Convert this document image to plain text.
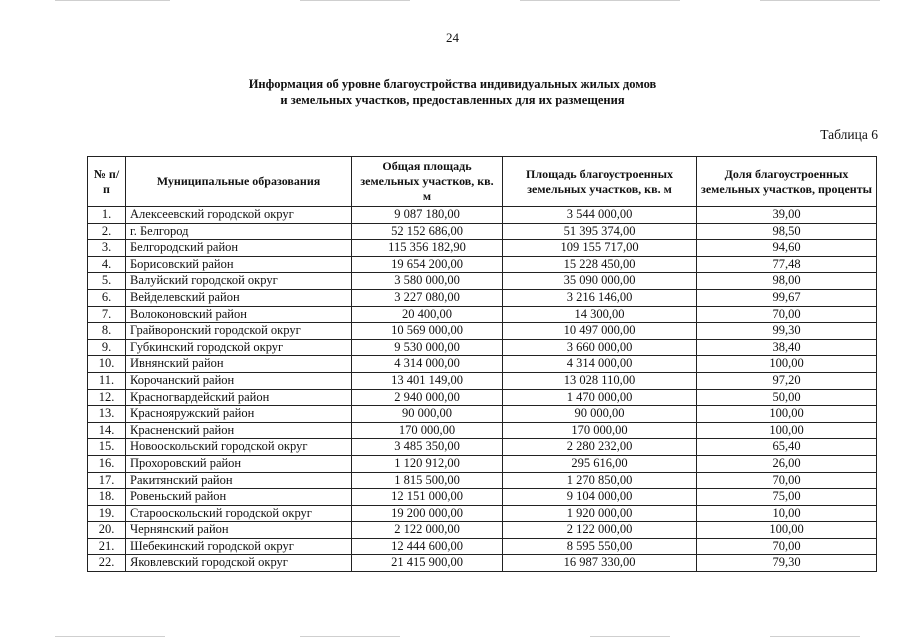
24
Информация об уровне благоустройства индивидуальных жилых домов
и земельных участков, предоставленных для их размещения
Таблица 6
№ п/п	Муниципальные образования	Общая площадь земельных участков, кв. м	Площадь благоустроенных земельных участков, кв. м	Доля благоустроенных земельных участков, проценты
1.	Алексеевский городской округ	9 087 180,00	3 544 000,00	39,00
2.	г. Белгород	52 152 686,00	51 395 374,00	98,50
3.	Белгородский район	115 356 182,90	109 155 717,00	94,60
4.	Борисовский район	19 654 200,00	15 228 450,00	77,48
5.	Валуйский городской округ	3 580 000,00	35 090 000,00	98,00
6.	Вейделевский район	3 227 080,00	3 216 146,00	99,67
7.	Волоконовский район	20 400,00	14 300,00	70,00
8.	Грайворонский городской округ	10 569 000,00	10 497 000,00	99,30
9.	Губкинский городской округ	9 530 000,00	3 660 000,00	38,40
10.	Ивнянский район	4 314 000,00	4 314 000,00	100,00
11.	Корочанский район	13 401 149,00	13 028 110,00	97,20
12.	Красногвардейский район	2 940 000,00	1 470 000,00	50,00
13.	Краснояружский район	90 000,00	90 000,00	100,00
14.	Красненский район	170 000,00	170 000,00	100,00
15.	Новооскольский городской округ	3 485 350,00	2 280 232,00	65,40
16.	Прохоровский район	1 120 912,00	295 616,00	26,00
17.	Ракитянский район	1 815 500,00	1 270 850,00	70,00
18.	Ровеньский район	12 151 000,00	9 104 000,00	75,00
19.	Старооскольский городской округ	19 200 000,00	1 920 000,00	10,00
20.	Чернянский район	2 122 000,00	2 122 000,00	100,00
21.	Шебекинский городской округ	12 444 600,00	8 595 550,00	70,00
22.	Яковлевский городской округ	21 415 900,00	16 987 330,00	79,30
